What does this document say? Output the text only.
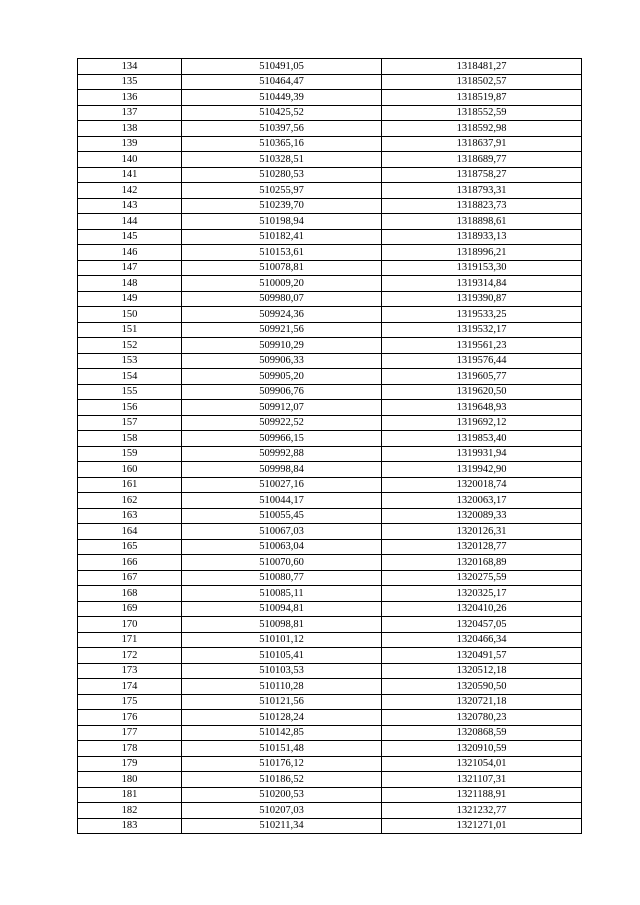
134	510491,05	1318481,27
135	510464,47	1318502,57
136	510449,39	1318519,87
137	510425,52	1318552,59
138	510397,56	1318592,98
139	510365,16	1318637,91
140	510328,51	1318689,77
141	510280,53	1318758,27
142	510255,97	1318793,31
143	510239,70	1318823,73
144	510198,94	1318898,61
145	510182,41	1318933,13
146	510153,61	1318996,21
147	510078,81	1319153,30
148	510009,20	1319314,84
149	509980,07	1319390,87
150	509924,36	1319533,25
151	509921,56	1319532,17
152	509910,29	1319561,23
153	509906,33	1319576,44
154	509905,20	1319605,77
155	509906,76	1319620,50
156	509912,07	1319648,93
157	509922,52	1319692,12
158	509966,15	1319853,40
159	509992,88	1319931,94
160	509998,84	1319942,90
161	510027,16	1320018,74
162	510044,17	1320063,17
163	510055,45	1320089,33
164	510067,03	1320126,31
165	510063,04	1320128,77
166	510070,60	1320168,89
167	510080,77	1320275,59
168	510085,11	1320325,17
169	510094,81	1320410,26
170	510098,81	1320457,05
171	510101,12	1320466,34
172	510105,41	1320491,57
173	510103,53	1320512,18
174	510110,28	1320590,50
175	510121,56	1320721,18
176	510128,24	1320780,23
177	510142,85	1320868,59
178	510151,48	1320910,59
179	510176,12	1321054,01
180	510186,52	1321107,31
181	510200,53	1321188,91
182	510207,03	1321232,77
183	510211,34	1321271,01
